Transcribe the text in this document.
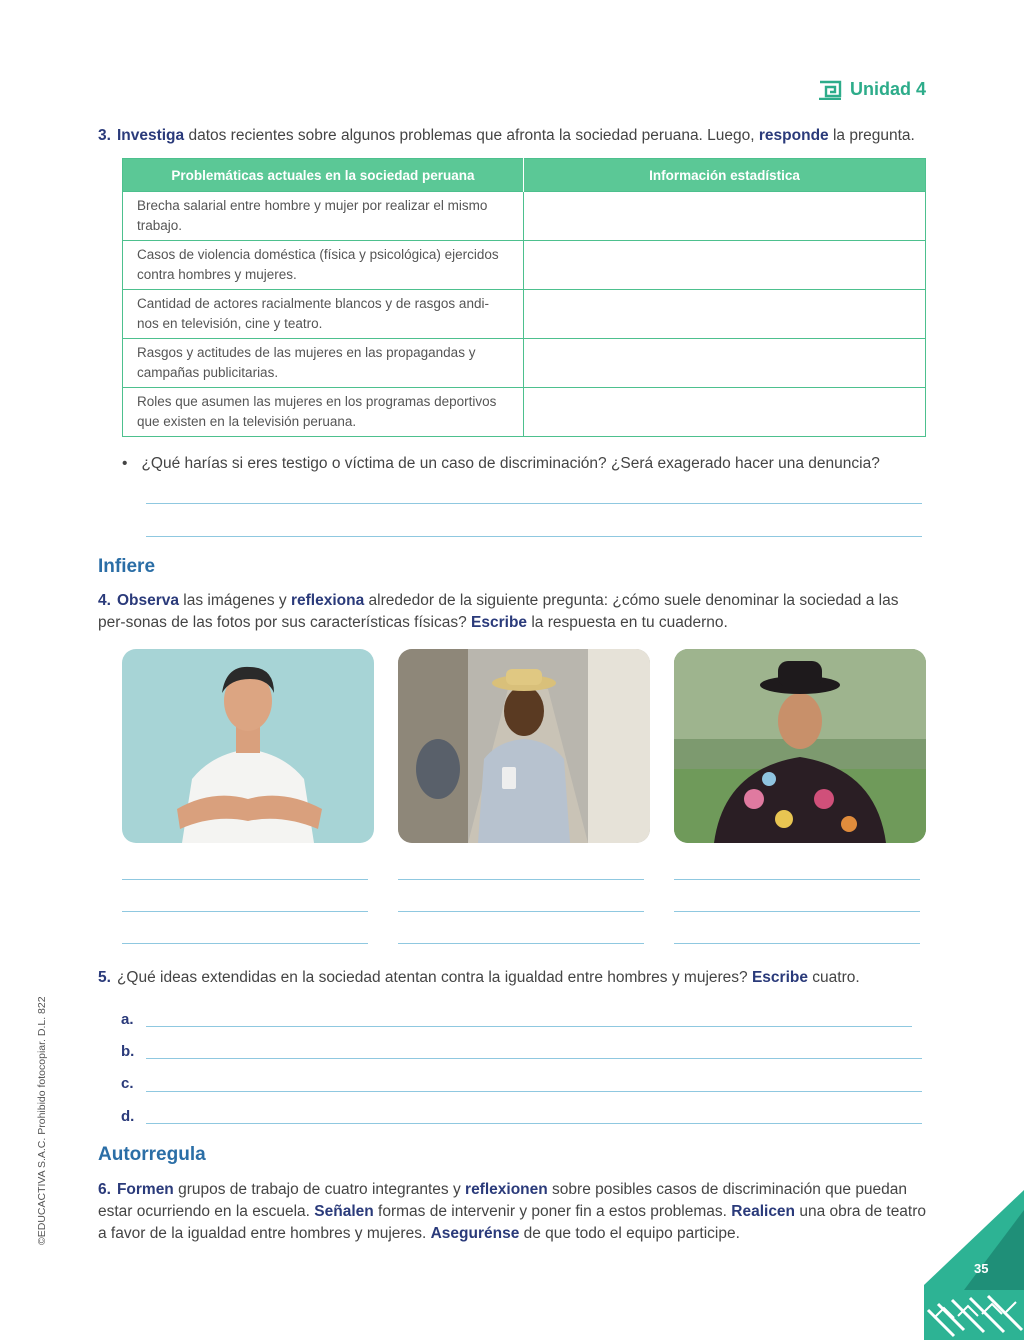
Unidad 4
3. Investiga datos recientes sobre algunos problemas que afronta la sociedad peruana. Luego, responde la pregunta.
Problemáticas actuales en la sociedad peruana	Información estadística
Brecha salarial entre hombre y mujer por realizar el mismo trabajo.	
Casos de violencia doméstica (física y psicológica) ejercidos contra hombres y mujeres.	
Cantidad de actores racialmente blancos y de rasgos andi-nos en televisión, cine y teatro.	
Rasgos y actitudes de las mujeres en las propagandas y campañas publicitarias.	
Roles que asumen las mujeres en los programas deportivos que existen en la televisión peruana.	
• ¿Qué harías si eres testigo o víctima de un caso de discriminación? ¿Será exagerado hacer una denuncia?
Infiere
4. Observa las imágenes y reflexiona alrededor de la siguiente pregunta: ¿cómo suele denominar la sociedad a las per-sonas de las fotos por sus características físicas? Escribe la respuesta en tu cuaderno.
5. ¿Qué ideas extendidas en la sociedad atentan contra la igualdad entre hombres y mujeres? Escribe cuatro.
a.
b.
c.
d.
Autorregula
6. Formen grupos de trabajo de cuatro integrantes y reflexionen sobre posibles casos de discriminación que puedan estar ocurriendo en la escuela. Señalen formas de intervenir y poner fin a estos problemas. Realicen una obra de teatro a favor de la igualdad entre hombres y mujeres. Asegurénse de que todo el equipo participe.
©EDUCACTIVA S.A.C. Prohibido fotocopiar. D.L. 822
35
